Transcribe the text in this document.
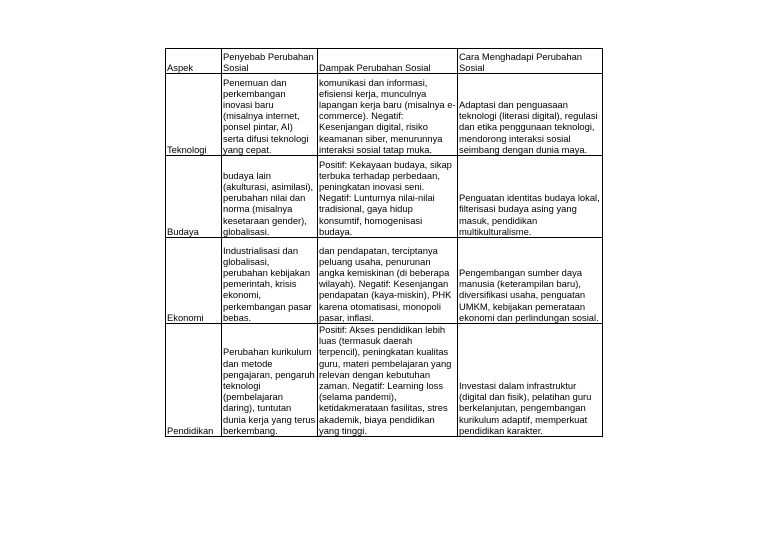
Aspek	Penyebab Perubahan Sosial	Dampak Perubahan Sosial	Cara Menghadapi Perubahan Sosial

Teknologi	Penemuan dan perkembangan inovasi baru (misalnya internet, ponsel pintar, AI) serta difusi teknologi yang cepat.	komunikasi dan informasi, efisiensi kerja, munculnya lapangan kerja baru (misalnya e-commerce). Negatif: Kesenjangan digital, risiko keamanan siber, menurunnya interaksi sosial tatap muka.	Adaptasi dan penguasaan teknologi (literasi digital), regulasi dan etika penggunaan teknologi, mendorong interaksi sosial seimbang dengan dunia maya.

Budaya	budaya lain (akulturasi, asimilasi), perubahan nilai dan norma (misalnya kesetaraan gender), globalisasi.	Positif: Kekayaan budaya, sikap terbuka terhadap perbedaan, peningkatan inovasi seni. Negatif: Lunturnya nilai-nilai tradisional, gaya hidup konsumtif, homogenisasi budaya.	Penguatan identitas budaya lokal, filterisasi budaya asing yang masuk, pendidikan multikulturalisme.

Ekonomi	Industrialisasi dan globalisasi, perubahan kebijakan pemerintah, krisis ekonomi, perkembangan pasar bebas.	dan pendapatan, terciptanya peluang usaha, penurunan angka kemiskinan (di beberapa wilayah). Negatif: Kesenjangan pendapatan (kaya-miskin), PHK karena otomatisasi, monopoli pasar, inflasi.	Pengembangan sumber daya manusia (keterampilan baru), diversifikasi usaha, penguatan UMKM, kebijakan pemerataan ekonomi dan perlindungan sosial.

Pendidikan	Perubahan kurikulum dan metode pengajaran, pengaruh teknologi (pembelajaran daring), tuntutan dunia kerja yang terus berkembang.	Positif: Akses pendidikan lebih luas (termasuk daerah terpencil), peningkatan kualitas guru, materi pembelajaran yang relevan dengan kebutuhan zaman. Negatif: Learning loss (selama pandemi), ketidakmerataan fasilitas, stres akademik, biaya pendidikan yang tinggi.	Investasi dalam infrastruktur (digital dan fisik), pelatihan guru berkelanjutan, pengembangan kurikulum adaptif, memperkuat pendidikan karakter.
